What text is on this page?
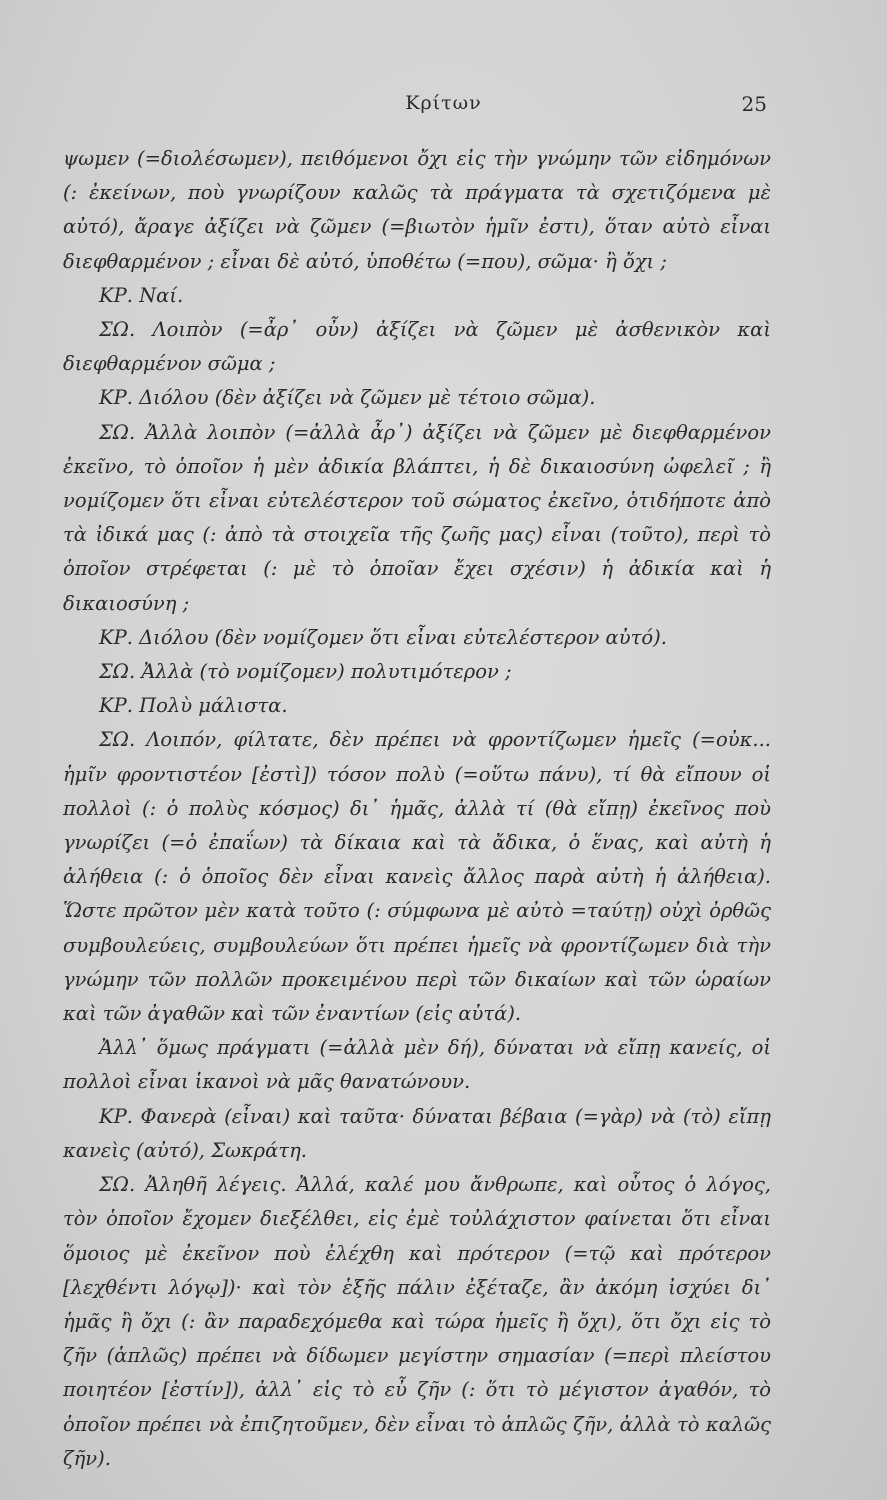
Κρίτων	25

ψωμεν (=διολέσωμεν), πειθόμενοι ὄχι εἰς τὴν γνώμην τῶν εἰδημόνων (: ἐκείνων, ποὺ γνωρίζουν καλῶς τὰ πράγματα τὰ σχετιζόμενα μὲ αὐτό), ἄραγε ἀξίζει νὰ ζῶμεν (=βιωτὸν ἡμῖν ἐστι), ὅταν αὐτὸ εἶναι διεφθαρμένον ; εἶναι δὲ αὐτό, ὑποθέτω (=που), σῶμα· ἢ ὄχι ;

ΚΡ. Ναί.

ΣΩ. Λοιπὸν (=ἆρ᾽ οὖν) ἀξίζει νὰ ζῶμεν μὲ ἀσθενικὸν καὶ διεφθαρμένον σῶμα ;

ΚΡ. Διόλου (δὲν ἀξίζει νὰ ζῶμεν μὲ τέτοιο σῶμα).

ΣΩ. Ἀλλὰ λοιπὸν (=ἀλλὰ ἆρ᾽) ἀξίζει νὰ ζῶμεν μὲ διεφθαρμένον ἐκεῖνο, τὸ ὁποῖον ἡ μὲν ἀδικία βλάπτει, ἡ δὲ δικαιοσύνη ὠφελεῖ ; ἢ νομίζομεν ὅτι εἶναι εὐτελέστερον τοῦ σώματος ἐκεῖνο, ὁτιδήποτε ἀπὸ τὰ ἰδικά μας (: ἀπὸ τὰ στοιχεῖα τῆς ζωῆς μας) εἶναι (τοῦτο), περὶ τὸ ὁποῖον στρέφεται (: μὲ τὸ ὁποῖαν ἔχει σχέσιν) ἡ ἀδικία καὶ ἡ δικαιοσύνη ;

ΚΡ. Διόλου (δὲν νομίζομεν ὅτι εἶναι εὐτελέστερον αὐτό).

ΣΩ. Ἀλλὰ (τὸ νομίζομεν) πολυτιμότερον ;

ΚΡ. Πολὺ μάλιστα.

ΣΩ. Λοιπόν, φίλτατε, δὲν πρέπει νὰ φροντίζωμεν ἡμεῖς (=οὐκ... ἡμῖν φροντιστέον [ἐστὶ]) τόσον πολὺ (=οὕτω πάνυ), τί θὰ εἴπουν οἱ πολλοὶ (: ὁ πολὺς κόσμος) δι᾽ ἡμᾶς, ἀλλὰ τί (θὰ εἴπῃ) ἐκεῖνος ποὺ γνωρίζει (=ὁ ἐπαΐων) τὰ δίκαια καὶ τὰ ἄδικα, ὁ ἕνας, καὶ αὐτὴ ἡ ἀλήθεια (: ὁ ὁποῖος δὲν εἶναι κανεὶς ἄλλος παρὰ αὐτὴ ἡ ἀλήθεια). Ὥστε πρῶτον μὲν κατὰ τοῦτο (: σύμφωνα μὲ αὐτὸ =ταύτῃ) οὐχὶ ὀρθῶς συμβουλεύεις, συμβουλεύων ὅτι πρέπει ἡμεῖς νὰ φροντίζωμεν διὰ τὴν γνώμην τῶν πολλῶν προκειμένου περὶ τῶν δικαίων καὶ τῶν ὡραίων καὶ τῶν ἀγαθῶν καὶ τῶν ἐναντίων (εἰς αὐτά).

Ἀλλ᾽ ὅμως πράγματι (=ἀλλὰ μὲν δή), δύναται νὰ εἴπῃ κανείς, οἱ πολλοὶ εἶναι ἱκανοὶ νὰ μᾶς θανατώνουν.

ΚΡ. Φανερὰ (εἶναι) καὶ ταῦτα· δύναται βέβαια (=γὰρ) νὰ (τὸ) εἴπῃ κανεὶς (αὐτό), Σωκράτη.

ΣΩ. Ἀληθῆ λέγεις. Ἀλλά, καλέ μου ἄνθρωπε, καὶ οὗτος ὁ λόγος, τὸν ὁποῖον ἔχομεν διεξέλθει, εἰς ἐμὲ τοὐλάχιστον φαίνεται ὅτι εἶναι ὅμοιος μὲ ἐκεῖνον ποὺ ἐλέχθη καὶ πρότερον (=τῷ καὶ πρότερον [λεχθέντι λόγῳ])· καὶ τὸν ἑξῆς πάλιν ἐξέταζε, ἂν ἀκόμη ἰσχύει δι᾽ ἡμᾶς ἢ ὄχι (: ἂν παραδεχόμεθα καὶ τώρα ἡμεῖς ἢ ὄχι), ὅτι ὄχι εἰς τὸ ζῆν (ἁπλῶς) πρέπει νὰ δίδωμεν μεγίστην σημασίαν (=περὶ πλείστου ποιητέον [ἐστίν]), ἀλλ᾽ εἰς τὸ εὖ ζῆν (: ὅτι τὸ μέγιστον ἀγαθόν, τὸ ὁποῖον πρέπει νὰ ἐπιζητοῦμεν, δὲν εἶναι τὸ ἁπλῶς ζῆν, ἀλλὰ τὸ καλῶς ζῆν).
